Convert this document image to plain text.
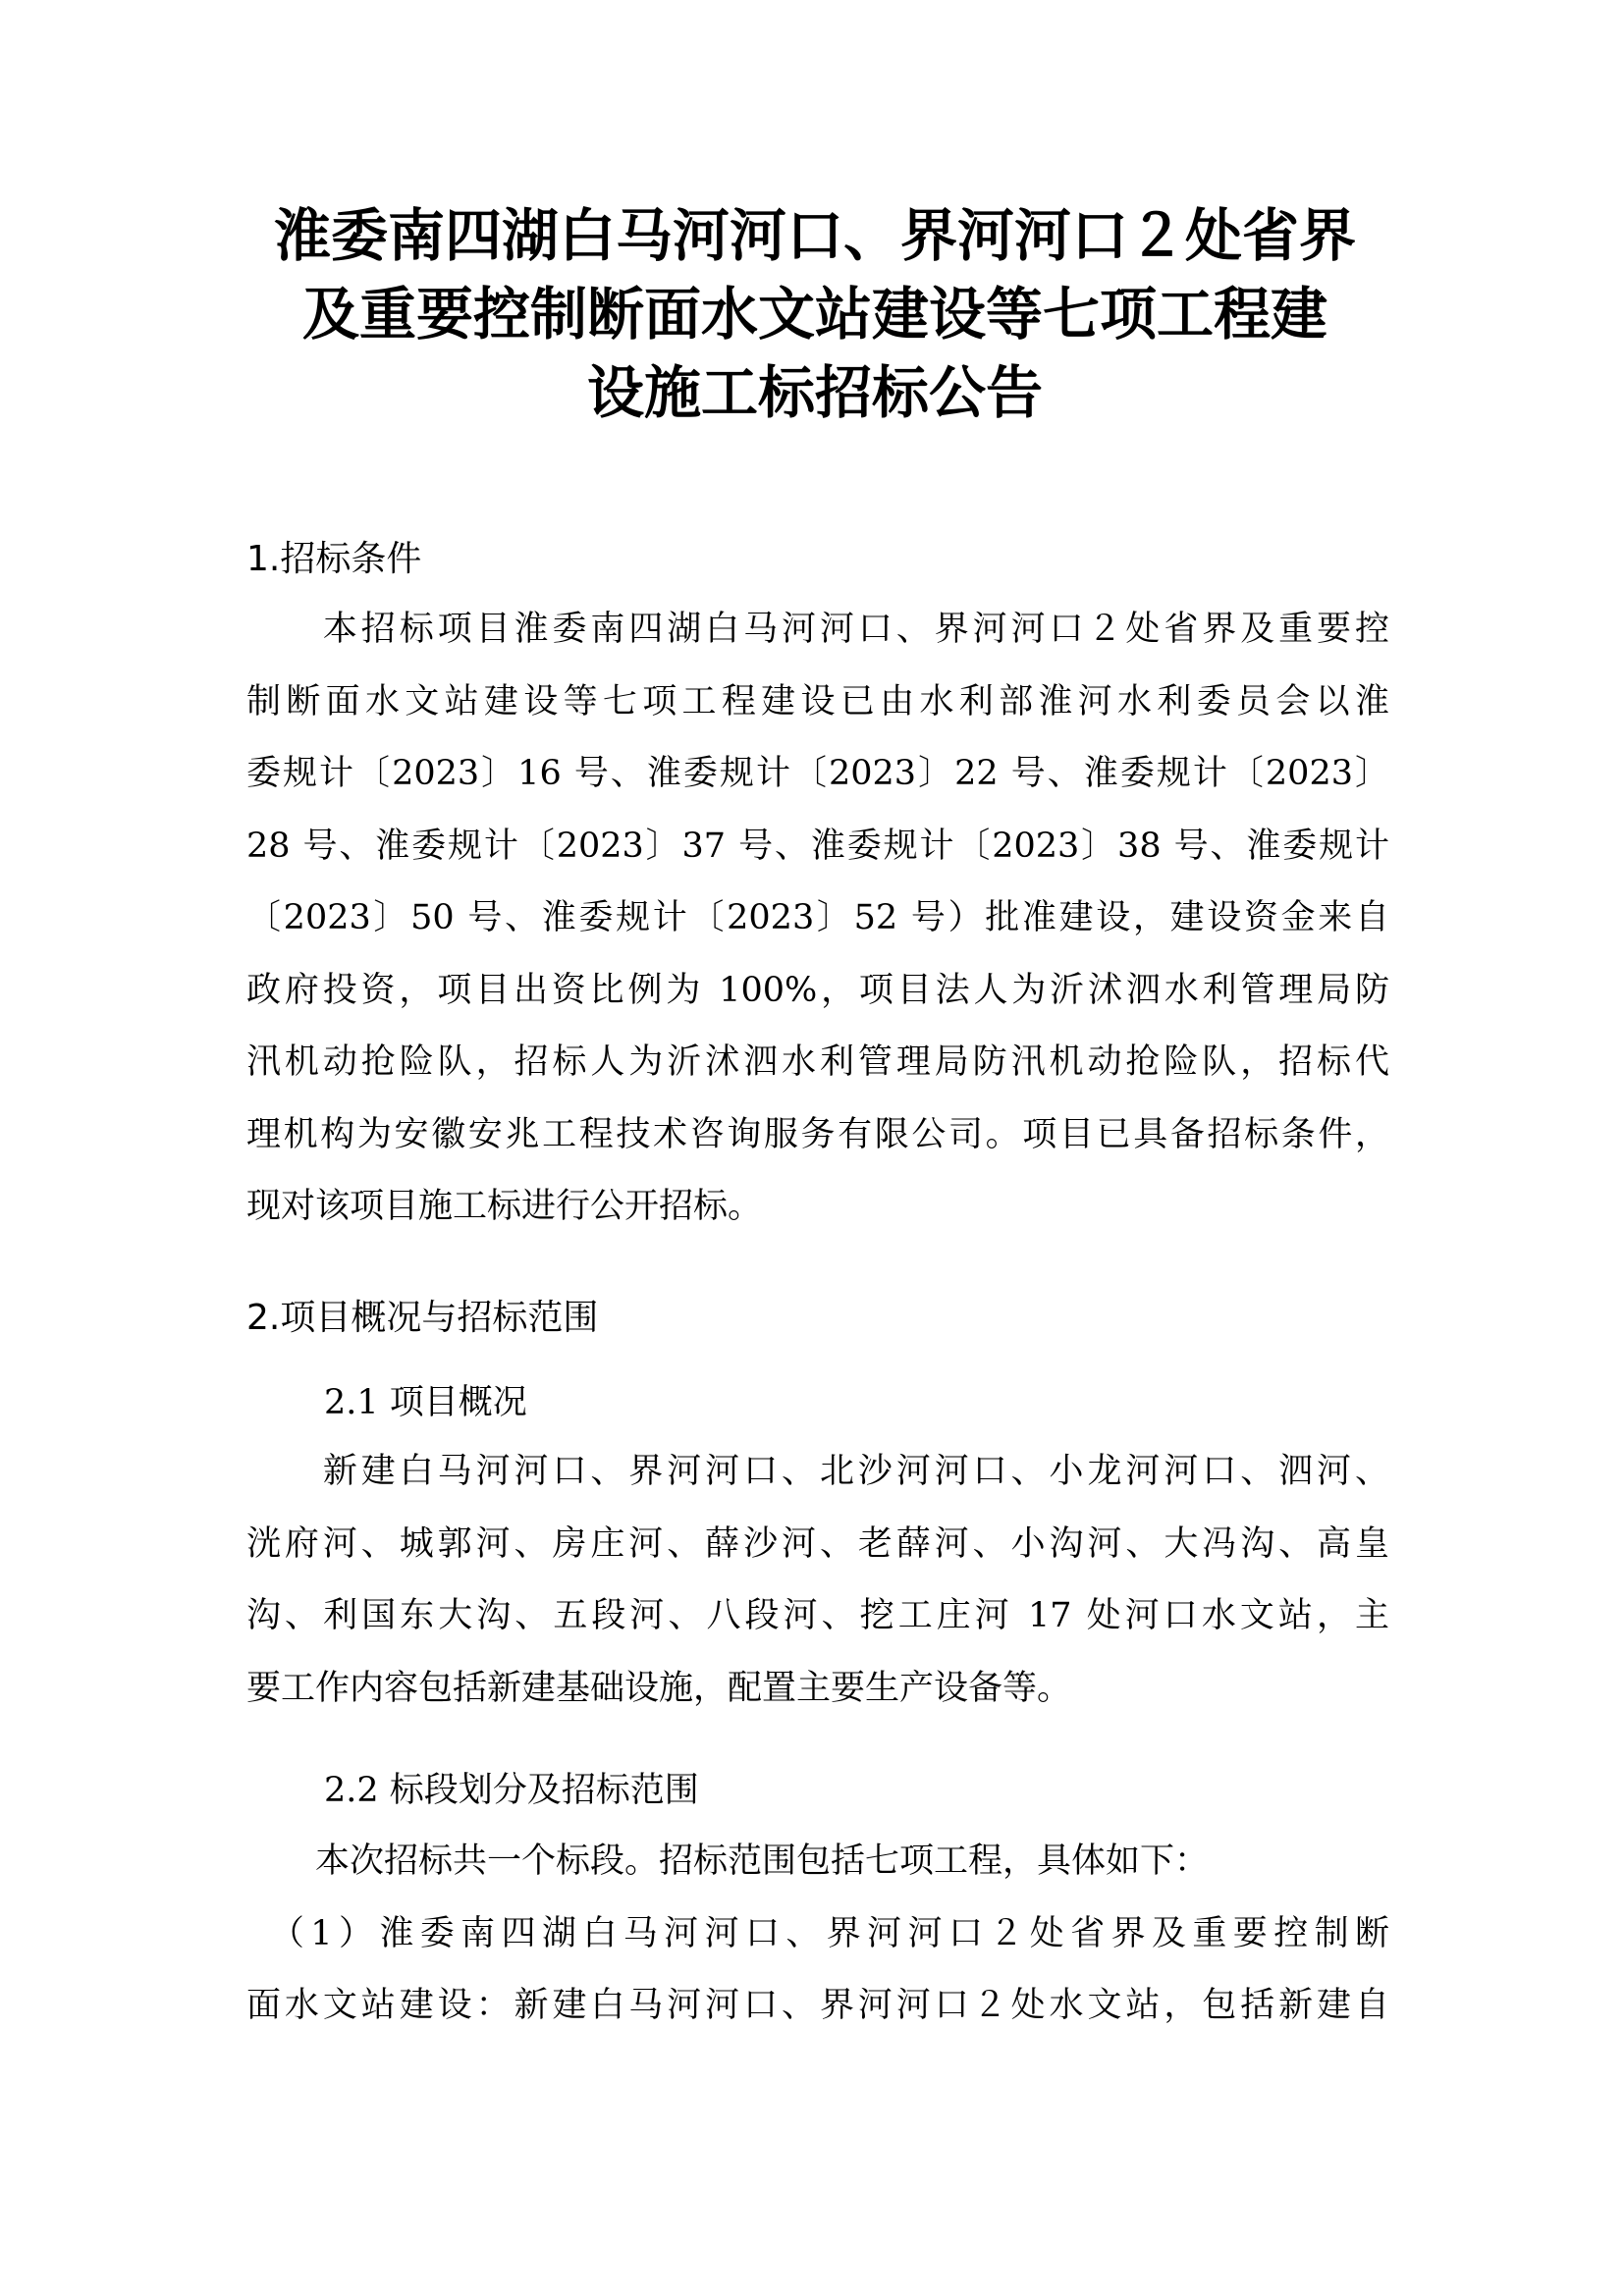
淮委南四湖白马河河口、界河河口２处省界
及重要控制断面水文站建设等七项工程建
设施工标招标公告
1.招标条件
　　本招标项目淮委南四湖白马河河口、界河河口２处省界及重要控
制断面水文站建设等七项工程建设已由水利部淮河水利委员会以淮
委规计〔2023〕16 号、淮委规计〔2023〕22 号、淮委规计〔2023〕
28 号、淮委规计〔2023〕37 号、淮委规计〔2023〕38 号、淮委规计
〔2023〕50 号、淮委规计〔2023〕52 号）批准建设，建设资金来自
政府投资，项目出资比例为 100%，项目法人为沂沭泗水利管理局防
汛机动抢险队，招标人为沂沭泗水利管理局防汛机动抢险队，招标代
理机构为安徽安兆工程技术咨询服务有限公司。项目已具备招标条件，
现对该项目施工标进行公开招标。
2.项目概况与招标范围
2.1 项目概况
　　新建白马河河口、界河河口、北沙河河口、小龙河河口、泗河、
洸府河、城郭河、房庄河、薛沙河、老薛河、小沟河、大冯沟、高皇
沟、利国东大沟、五段河、八段河、挖工庄河 17 处河口水文站，主
要工作内容包括新建基础设施，配置主要生产设备等。
2.2 标段划分及招标范围
　　本次招标共一个标段。招标范围包括七项工程，具体如下：
　（1）淮委南四湖白马河河口、界河河口２处省界及重要控制断
面水文站建设：新建白马河河口、界河河口２处水文站，包括新建自
